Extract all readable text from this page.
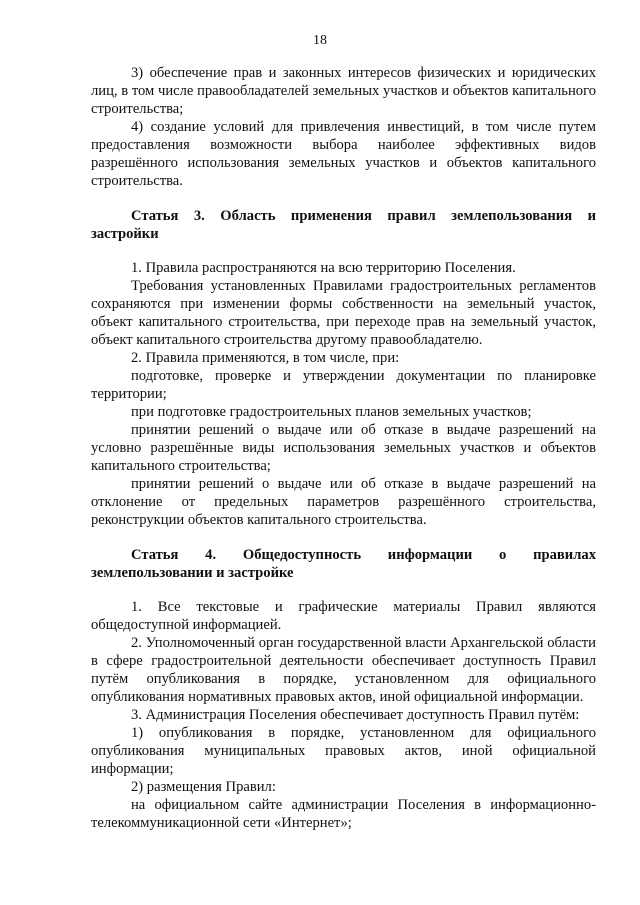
18

3) обеспечение прав и законных интересов физических и юридических лиц, в том числе правообладателей земельных участков и объектов капитального строительства;

4) создание условий для привлечения инвестиций, в том числе путем предоставления возможности выбора наиболее эффективных видов разрешённого использования земельных участков и объектов капитального строительства.

Статья 3. Область применения правил землепользования и застройки

1. Правила распространяются на всю территорию Поселения.

Требования установленных Правилами градостроительных регламентов сохраняются при изменении формы собственности на земельный участок, объект капитального строительства, при переходе прав на земельный участок, объект капитального строительства другому правообладателю.

2. Правила применяются, в том числе, при:

подготовке, проверке и утверждении документации по планировке территории;

при подготовке градостроительных планов земельных участков;

принятии решений о выдаче или об отказе в выдаче разрешений на условно разрешённые виды использования земельных участков и объектов капитального строительства;

принятии решений о выдаче или об отказе в выдаче разрешений на отклонение от предельных параметров разрешённого строительства, реконструкции объектов капитального строительства.

Статья 4. Общедоступность информации о правилах землепользовании и застройке

1. Все текстовые и графические материалы Правил являются общедоступной информацией.

2. Уполномоченный орган государственной власти Архангельской области в сфере градостроительной деятельности обеспечивает доступность Правил путём опубликования в порядке, установленном для официального опубликования нормативных правовых актов, иной официальной информации.

3. Администрация Поселения обеспечивает доступность Правил путём:

1) опубликования в порядке, установленном для официального опубликования муниципальных правовых актов, иной официальной информации;

2) размещения Правил:

на официальном сайте администрации Поселения в информационно-телекоммуникационной сети «Интернет»;
